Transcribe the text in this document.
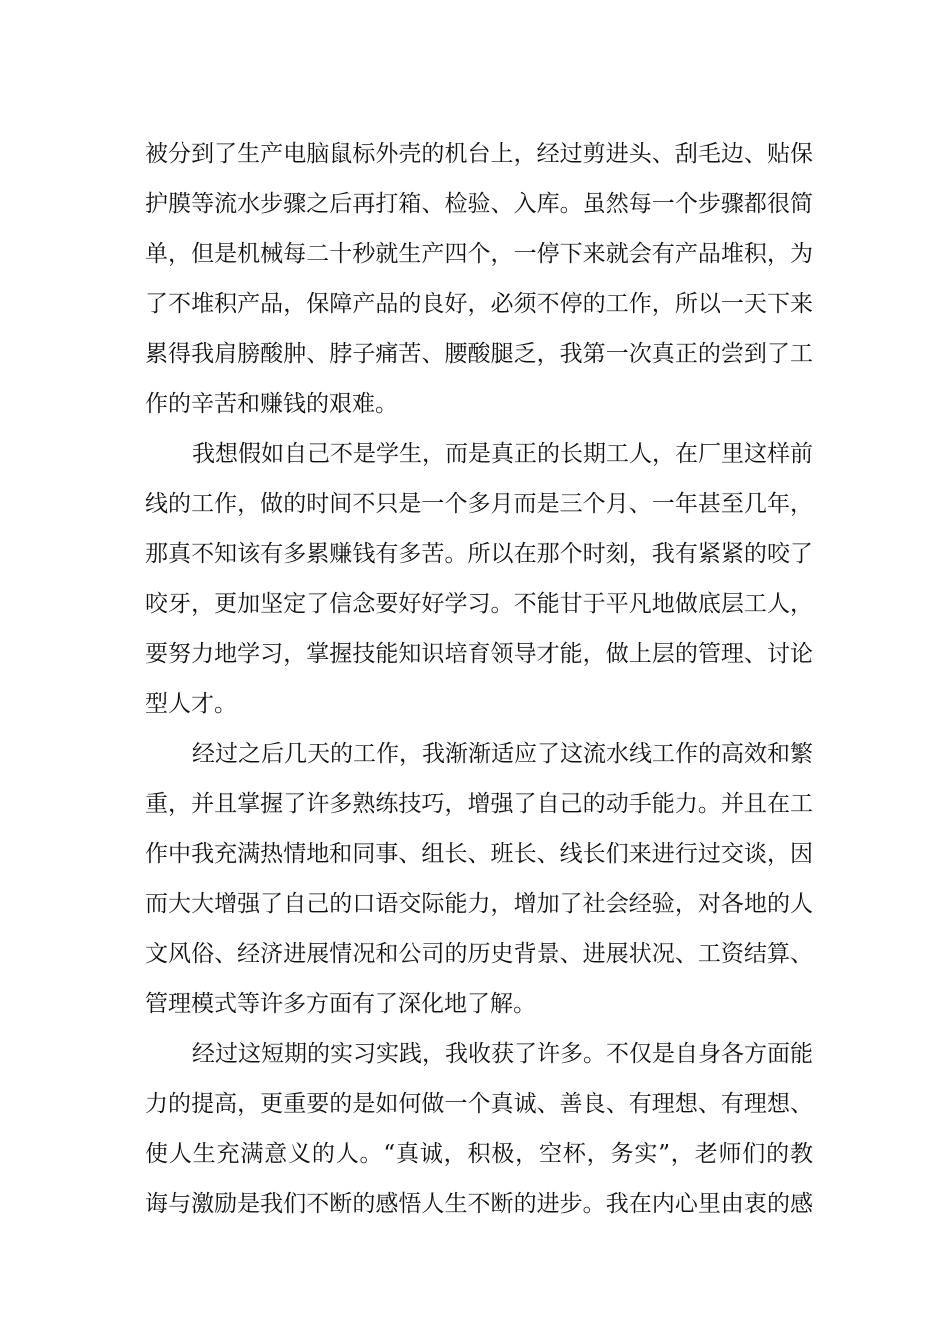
被分到了生产电脑鼠标外壳的机台上，经过剪进头、刮毛边、贴保
护膜等流水步骤之后再打箱、检验、入库。虽然每一个步骤都很简
单，但是机械每二十秒就生产四个，一停下来就会有产品堆积，为
了不堆积产品，保障产品的良好，必须不停的工作，所以一天下来
累得我肩膀酸肿、脖子痛苦、腰酸腿乏，我第一次真正的尝到了工
作的辛苦和赚钱的艰难。
我想假如自己不是学生，而是真正的长期工人，在厂里这样前
线的工作，做的时间不只是一个多月而是三个月、一年甚至几年，
那真不知该有多累赚钱有多苦。所以在那个时刻，我有紧紧的咬了
咬牙，更加坚定了信念要好好学习。不能甘于平凡地做底层工人，
要努力地学习，掌握技能知识培育领导才能，做上层的管理、讨论
型人才。
经过之后几天的工作，我渐渐适应了这流水线工作的高效和繁
重，并且掌握了许多熟练技巧，增强了自己的动手能力。并且在工
作中我充满热情地和同事、组长、班长、线长们来进行过交谈，因
而大大增强了自己的口语交际能力，增加了社会经验，对各地的人
文风俗、经济进展情况和公司的历史背景、进展状况、工资结算、
管理模式等许多方面有了深化地了解。
经过这短期的实习实践，我收获了许多。不仅是自身各方面能
力的提高，更重要的是如何做一个真诚、善良、有理想、有理想、
使人生充满意义的人。“真诚，积极，空杯，务实”，老师们的教
诲与激励是我们不断的感悟人生不断的进步。我在内心里由衷的感
